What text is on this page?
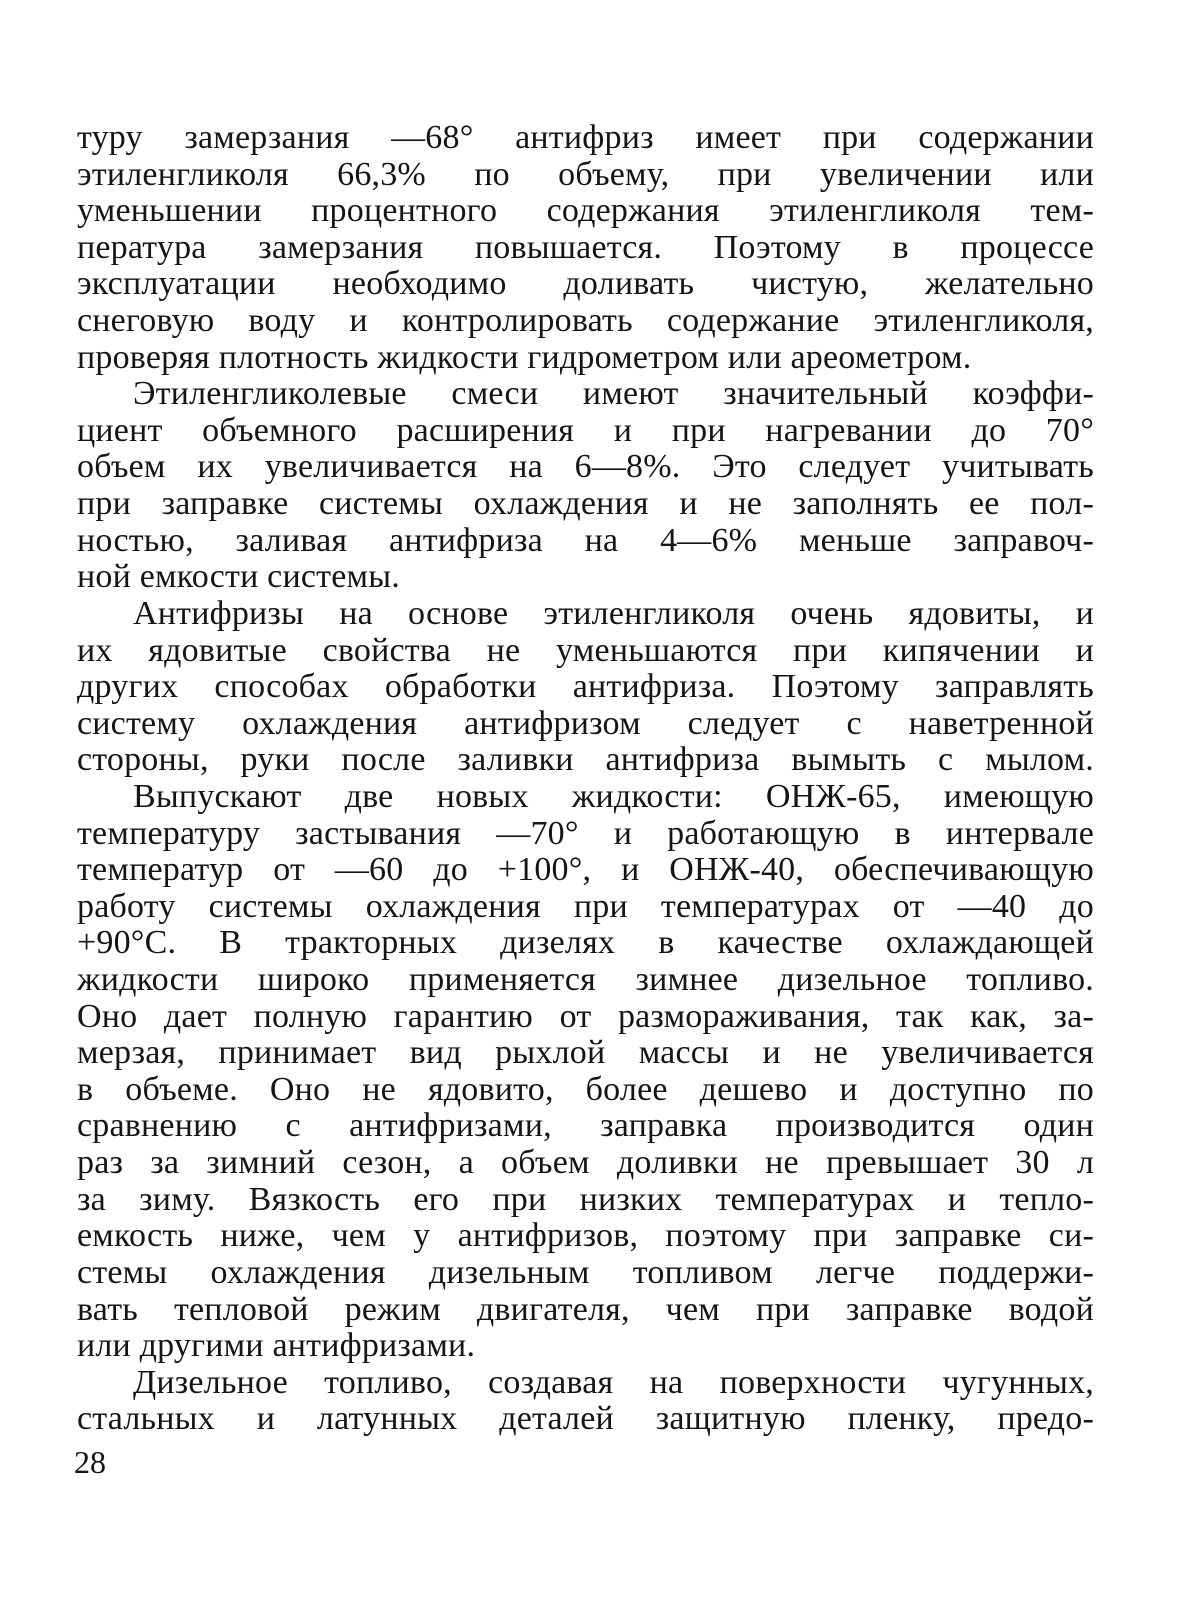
туру замерзания —68° антифриз имеет при содержании
этиленгликоля 66,3% по объему, при увеличении или
уменьшении процентного содержания этиленгликоля тем-
пература замерзания повышается. Поэтому в процессе
эксплуатации необходимо доливать чистую, желательно
снеговую воду и контролировать содержание этиленгликоля,
проверяя плотность жидкости гидрометром или ареометром.
Этиленгликолевые смеси имеют значительный коэффи-
циент объемного расширения и при нагревании до 70°
объем их увеличивается на 6—8%. Это следует учитывать
при заправке системы охлаждения и не заполнять ее пол-
ностью, заливая антифриза на 4—6% меньше заправоч-
ной емкости системы.
Антифризы на основе этиленгликоля очень ядовиты, и
их ядовитые свойства не уменьшаются при кипячении и
других способах обработки антифриза. Поэтому заправлять
систему охлаждения антифризом следует с наветренной
стороны, руки после заливки антифриза вымыть с мылом.
Выпускают две новых жидкости: ОНЖ-65, имеющую
температуру застывания —70° и работающую в интервале
температур от —60 до +100°, и ОНЖ-40, обеспечивающую
работу системы охлаждения при температурах от —40 до
+90°С. В тракторных дизелях в качестве охлаждающей
жидкости широко применяется зимнее дизельное топливо.
Оно дает полную гарантию от размораживания, так как, за-
мерзая, принимает вид рыхлой массы и не увеличивается
в объеме. Оно не ядовито, более дешево и доступно по
сравнению с антифризами, заправка производится один
раз за зимний сезон, а объем доливки не превышает 30 л
за зиму. Вязкость его при низких температурах и тепло-
емкость ниже, чем у антифризов, поэтому при заправке си-
стемы охлаждения дизельным топливом легче поддержи-
вать тепловой режим двигателя, чем при заправке водой
или другими антифризами.
Дизельное топливо, создавая на поверхности чугунных,
стальных и латунных деталей защитную пленку, предо-
28
